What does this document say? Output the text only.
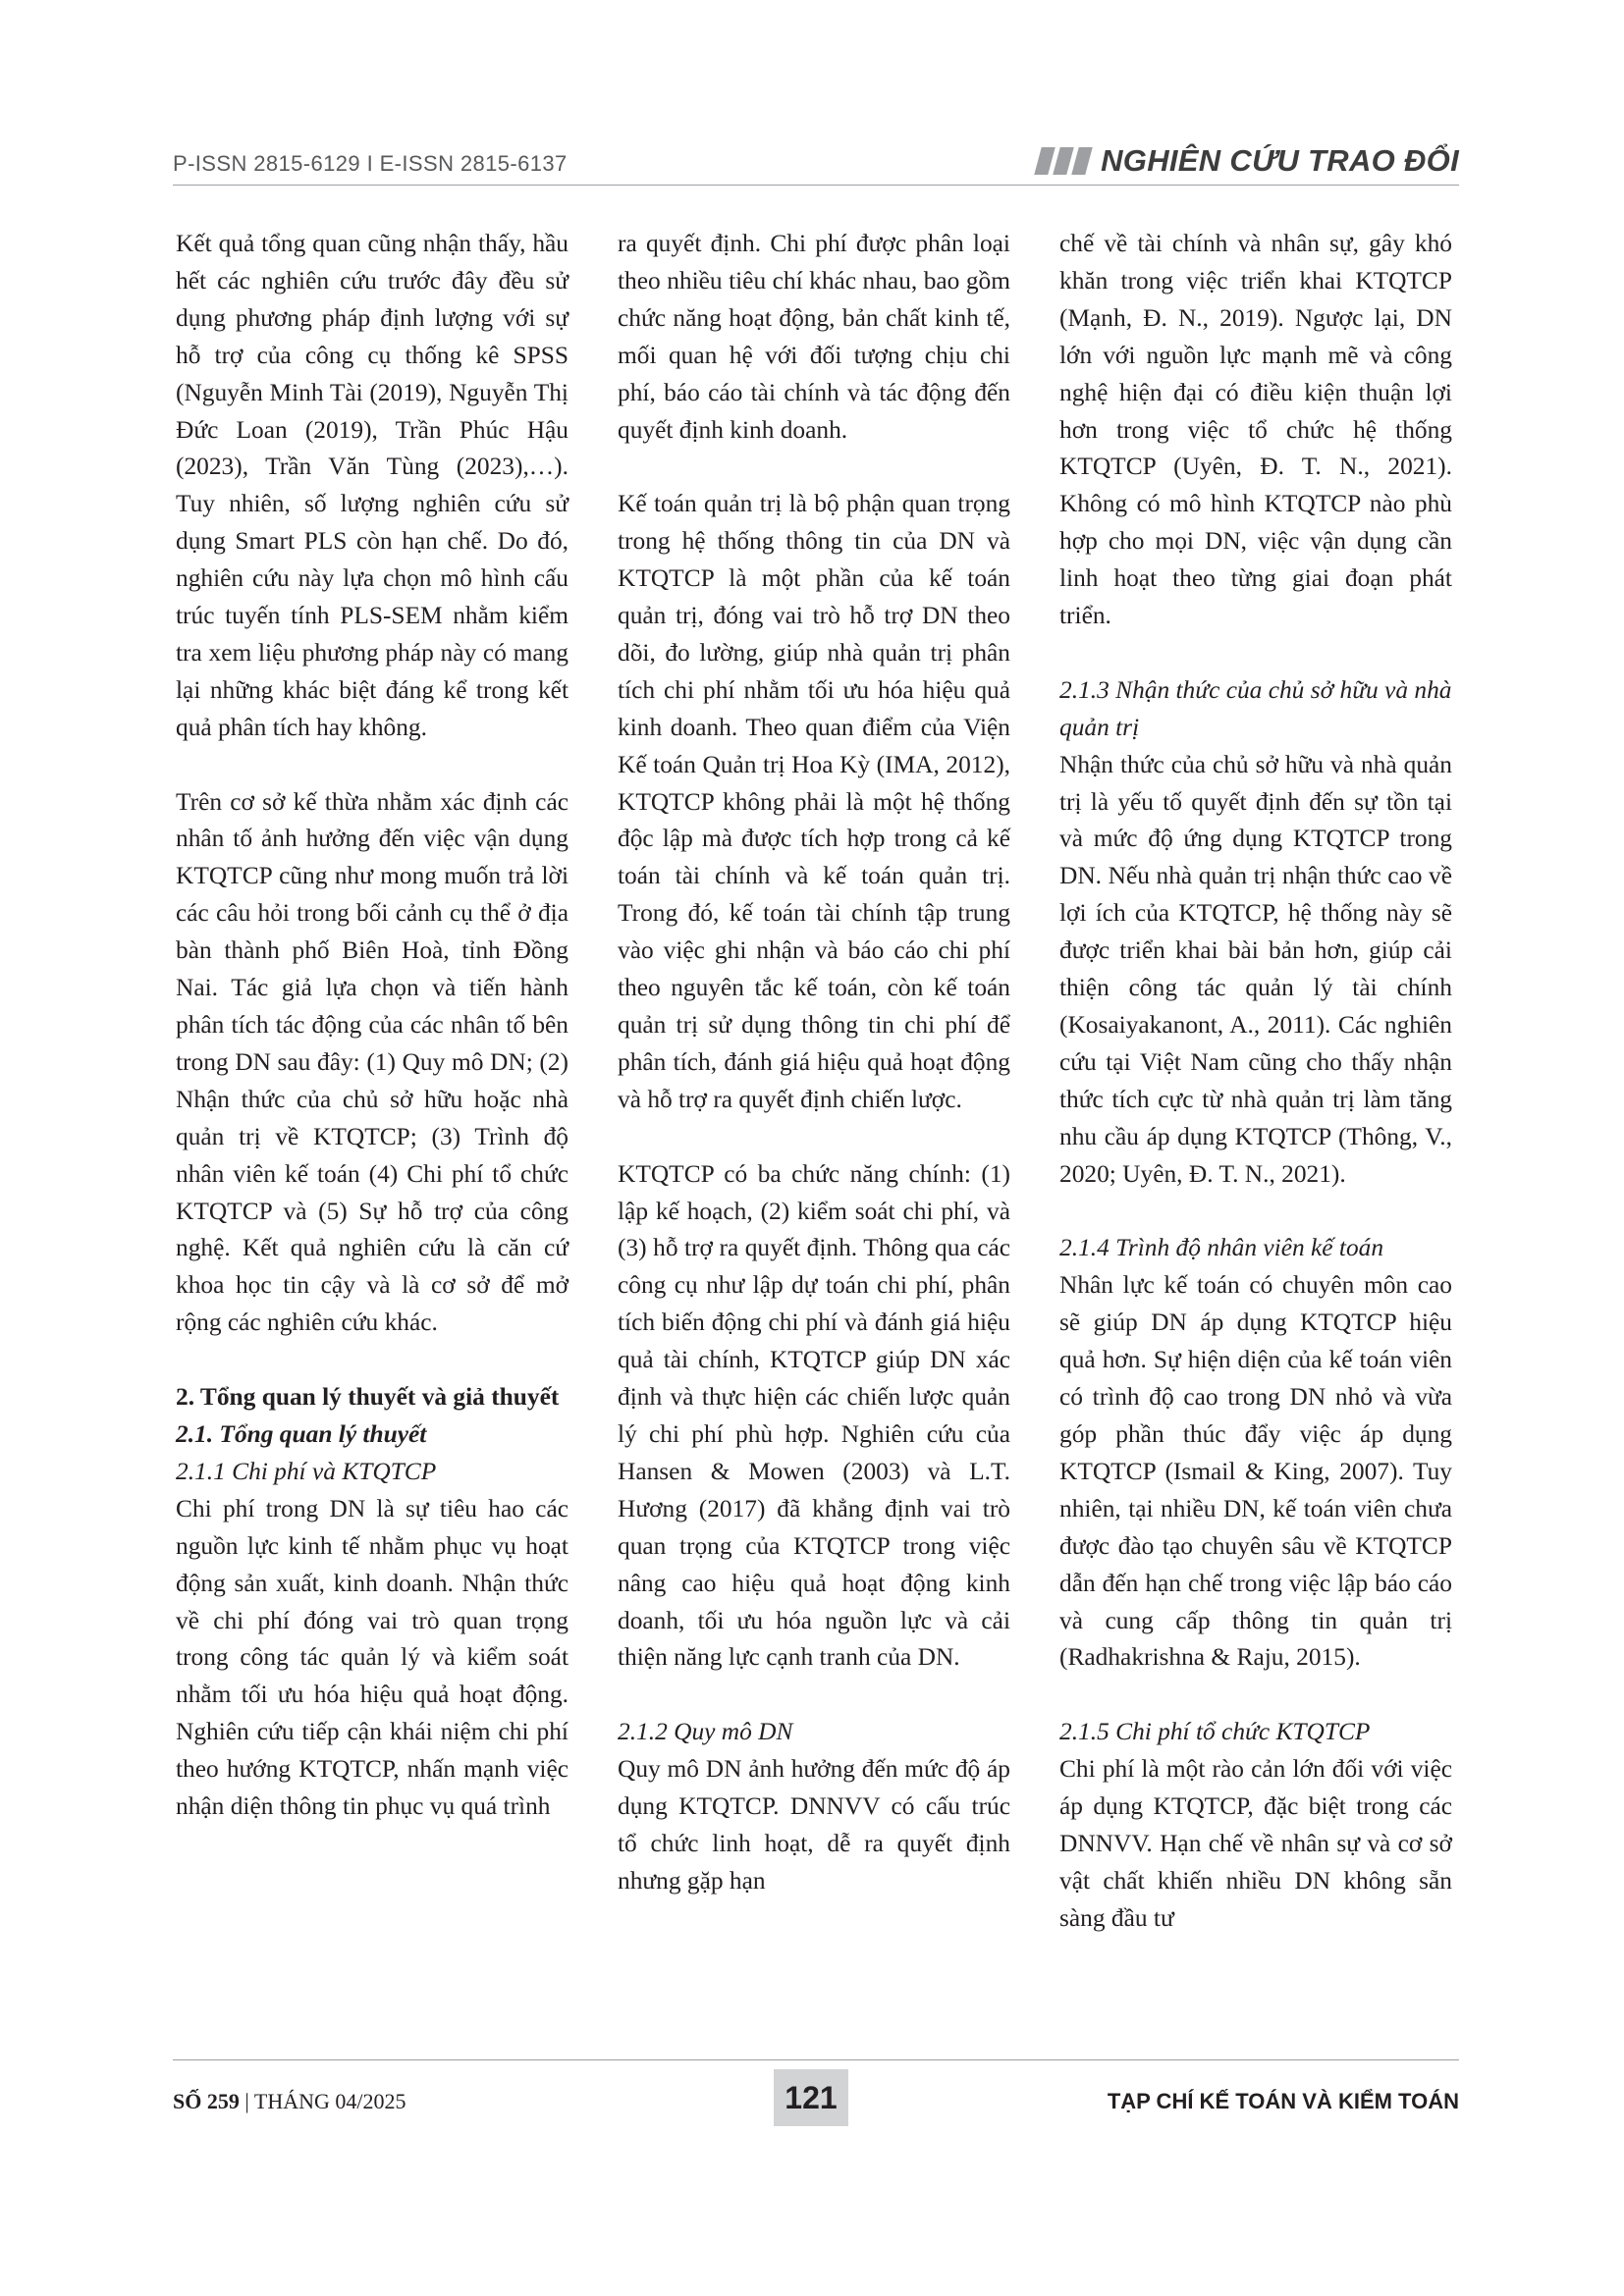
P-ISSN 2815-6129 I E-ISSN 2815-6137	NGHIÊN CỨU TRAO ĐỔI

Kết quả tổng quan cũng nhận thấy, hầu hết các nghiên cứu trước đây đều sử dụng phương pháp định lượng với sự hỗ trợ của công cụ thống kê SPSS (Nguyễn Minh Tài (2019), Nguyễn Thị Đức Loan (2019), Trần Phúc Hậu (2023), Trần Văn Tùng (2023),…). Tuy nhiên, số lượng nghiên cứu sử dụng Smart PLS còn hạn chế. Do đó, nghiên cứu này lựa chọn mô hình cấu trúc tuyến tính PLS-SEM nhằm kiểm tra xem liệu phương pháp này có mang lại những khác biệt đáng kể trong kết quả phân tích hay không.

Trên cơ sở kế thừa nhằm xác định các nhân tố ảnh hưởng đến việc vận dụng KTQTCP cũng như mong muốn trả lời các câu hỏi trong bối cảnh cụ thể ở địa bàn thành phố Biên Hoà, tỉnh Đồng Nai. Tác giả lựa chọn và tiến hành phân tích tác động của các nhân tố bên trong DN sau đây: (1) Quy mô DN; (2) Nhận thức của chủ sở hữu hoặc nhà quản trị về KTQTCP; (3) Trình độ nhân viên kế toán (4) Chi phí tổ chức KTQTCP và (5) Sự hỗ trợ của công nghệ. Kết quả nghiên cứu là căn cứ khoa học tin cậy và là cơ sở để mở rộng các nghiên cứu khác.

2. Tổng quan lý thuyết và giả thuyết
2.1. Tổng quan lý thuyết
2.1.1 Chi phí và KTQTCP

Chi phí trong DN là sự tiêu hao các nguồn lực kinh tế nhằm phục vụ hoạt động sản xuất, kinh doanh. Nhận thức về chi phí đóng vai trò quan trọng trong công tác quản lý và kiểm soát nhằm tối ưu hóa hiệu quả hoạt động. Nghiên cứu tiếp cận khái niệm chi phí theo hướng KTQTCP, nhấn mạnh việc nhận diện thông tin phục vụ quá trình

ra quyết định. Chi phí được phân loại theo nhiều tiêu chí khác nhau, bao gồm chức năng hoạt động, bản chất kinh tế, mối quan hệ với đối tượng chịu chi phí, báo cáo tài chính và tác động đến quyết định kinh doanh.

Kế toán quản trị là bộ phận quan trọng trong hệ thống thông tin của DN và KTQTCP là một phần của kế toán quản trị, đóng vai trò hỗ trợ DN theo dõi, đo lường, giúp nhà quản trị phân tích chi phí nhằm tối ưu hóa hiệu quả kinh doanh. Theo quan điểm của Viện Kế toán Quản trị Hoa Kỳ (IMA, 2012), KTQTCP không phải là một hệ thống độc lập mà được tích hợp trong cả kế toán tài chính và kế toán quản trị. Trong đó, kế toán tài chính tập trung vào việc ghi nhận và báo cáo chi phí theo nguyên tắc kế toán, còn kế toán quản trị sử dụng thông tin chi phí để phân tích, đánh giá hiệu quả hoạt động và hỗ trợ ra quyết định chiến lược.

KTQTCP có ba chức năng chính: (1) lập kế hoạch, (2) kiểm soát chi phí, và (3) hỗ trợ ra quyết định. Thông qua các công cụ như lập dự toán chi phí, phân tích biến động chi phí và đánh giá hiệu quả tài chính, KTQTCP giúp DN xác định và thực hiện các chiến lược quản lý chi phí phù hợp. Nghiên cứu của Hansen & Mowen (2003) và L.T. Hương (2017) đã khẳng định vai trò quan trọng của KTQTCP trong việc nâng cao hiệu quả hoạt động kinh doanh, tối ưu hóa nguồn lực và cải thiện năng lực cạnh tranh của DN.

2.1.2 Quy mô DN

Quy mô DN ảnh hưởng đến mức độ áp dụng KTQTCP. DNNVV có cấu trúc tổ chức linh hoạt, dễ ra quyết định nhưng gặp hạn

chế về tài chính và nhân sự, gây khó khăn trong việc triển khai KTQTCP (Mạnh, Đ. N., 2019). Ngược lại, DN lớn với nguồn lực mạnh mẽ và công nghệ hiện đại có điều kiện thuận lợi hơn trong việc tổ chức hệ thống KTQTCP (Uyên, Đ. T. N., 2021). Không có mô hình KTQTCP nào phù hợp cho mọi DN, việc vận dụng cần linh hoạt theo từng giai đoạn phát triển.

2.1.3 Nhận thức của chủ sở hữu và nhà quản trị

Nhận thức của chủ sở hữu và nhà quản trị là yếu tố quyết định đến sự tồn tại và mức độ ứng dụng KTQTCP trong DN. Nếu nhà quản trị nhận thức cao về lợi ích của KTQTCP, hệ thống này sẽ được triển khai bài bản hơn, giúp cải thiện công tác quản lý tài chính (Kosaiyakanont, A., 2011). Các nghiên cứu tại Việt Nam cũng cho thấy nhận thức tích cực từ nhà quản trị làm tăng nhu cầu áp dụng KTQTCP (Thông, V., 2020; Uyên, Đ. T. N., 2021).

2.1.4 Trình độ nhân viên kế toán

Nhân lực kế toán có chuyên môn cao sẽ giúp DN áp dụng KTQTCP hiệu quả hơn. Sự hiện diện của kế toán viên có trình độ cao trong DN nhỏ và vừa góp phần thúc đẩy việc áp dụng KTQTCP (Ismail & King, 2007). Tuy nhiên, tại nhiều DN, kế toán viên chưa được đào tạo chuyên sâu về KTQTCP dẫn đến hạn chế trong việc lập báo cáo và cung cấp thông tin quản trị (Radhakrishna & Raju, 2015).

2.1.5 Chi phí tổ chức KTQTCP

Chi phí là một rào cản lớn đối với việc áp dụng KTQTCP, đặc biệt trong các DNNVV. Hạn chế về nhân sự và cơ sở vật chất khiến nhiều DN không sẵn sàng đầu tư

SỐ 259 | THÁNG 04/2025	121	TẠP CHÍ KẾ TOÁN VÀ KIỂM TOÁN
